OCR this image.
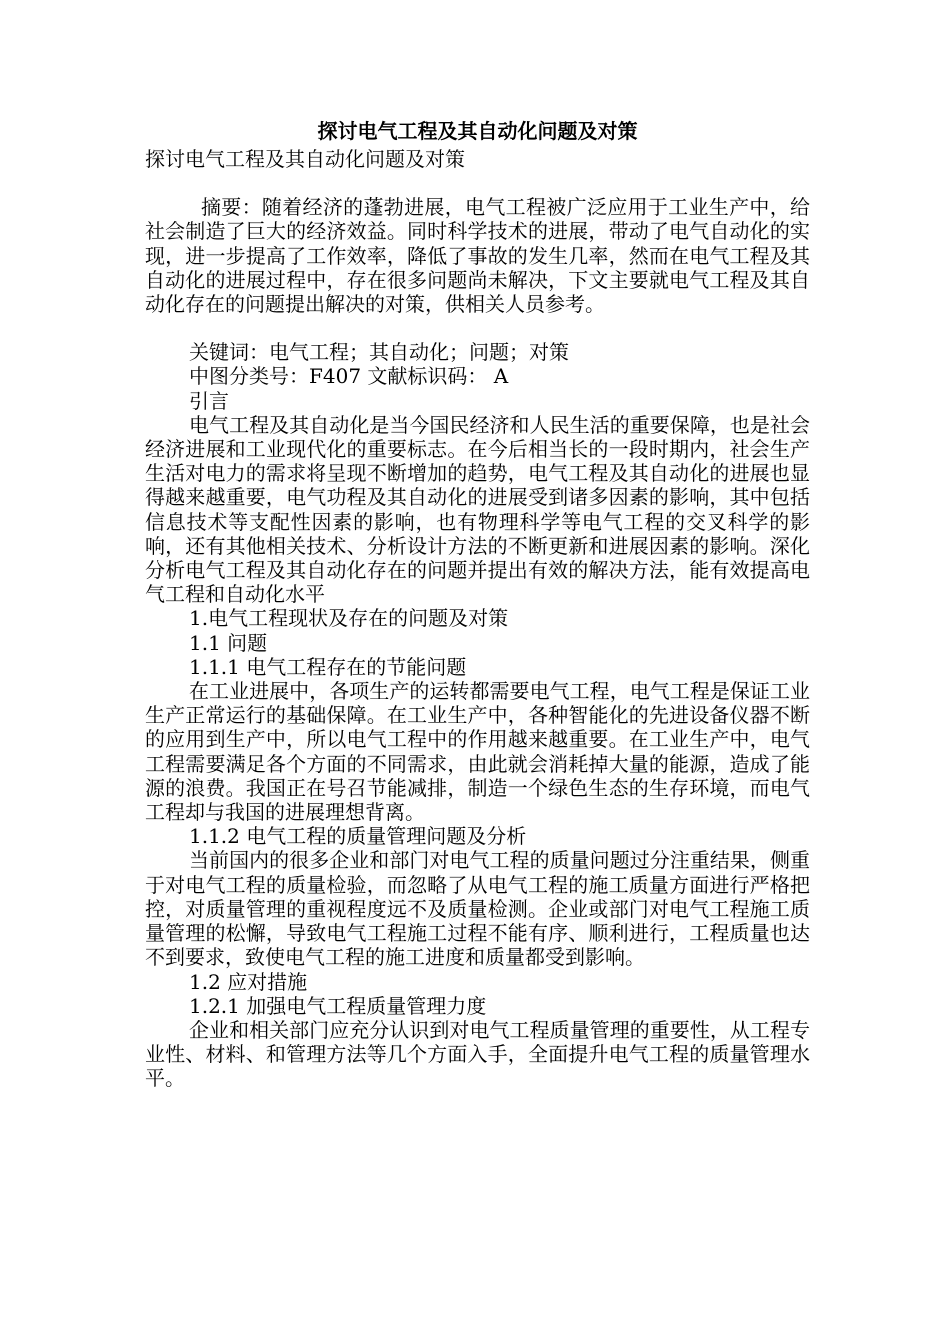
探讨电气工程及其自动化问题及对策

探讨电气工程及其自动化问题及对策

摘要：随着经济的蓬勃进展，电气工程被广泛应用于工业生产中，给社会制造了巨大的经济效益。同时科学技术的进展，带动了电气自动化的实现，进一步提高了工作效率，降低了事故的发生几率，然而在电气工程及其自动化的进展过程中，存在很多问题尚未解决，下文主要就电气工程及其自动化存在的问题提出解决的对策，供相关人员参考。

关键词：电气工程；其自动化；问题；对策

中图分类号：F407 文献标识码： A

引言

电气工程及其自动化是当今国民经济和人民生活的重要保障，也是社会经济进展和工业现代化的重要标志。在今后相当长的一段时期内，社会生产生活对电力的需求将呈现不断增加的趋势，电气工程及其自动化的进展也显得越来越重要，电气功程及其自动化的进展受到诸多因素的影响，其中包括信息技术等支配性因素的影响，也有物理科学等电气工程的交叉科学的影响，还有其他相关技术、分析设计方法的不断更新和进展因素的影响。深化分析电气工程及其自动化存在的问题并提出有效的解决方法，能有效提高电气工程和自动化水平

1.电气工程现状及存在的问题及对策

1.1 问题

1.1.1 电气工程存在的节能问题

在工业进展中，各项生产的运转都需要电气工程，电气工程是保证工业生产正常运行的基础保障。在工业生产中，各种智能化的先进设备仪器不断的应用到生产中，所以电气工程中的作用越来越重要。在工业生产中，电气工程需要满足各个方面的不同需求，由此就会消耗掉大量的能源，造成了能源的浪费。我国正在号召节能减排，制造一个绿色生态的生存环境，而电气工程却与我国的进展理想背离。

1.1.2 电气工程的质量管理问题及分析

当前国内的很多企业和部门对电气工程的质量问题过分注重结果，侧重于对电气工程的质量检验，而忽略了从电气工程的施工质量方面进行严格把控，对质量管理的重视程度远不及质量检测。企业或部门对电气工程施工质量管理的松懈，导致电气工程施工过程不能有序、顺利进行，工程质量也达不到要求，致使电气工程的施工进度和质量都受到影响。

1.2 应对措施

1.2.1 加强电气工程质量管理力度

企业和相关部门应充分认识到对电气工程质量管理的重要性，从工程专业性、材料、和管理方法等几个方面入手，全面提升电气工程的质量管理水平。
